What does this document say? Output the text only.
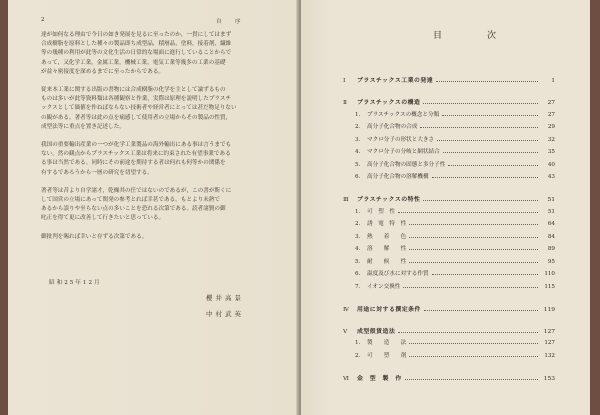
2	自　序
達が如何なる理由で今日の如き発展を見るに至ったのか，一貫にしてはまず
合成樹脂を原料とした種々の製品即ち成型品，積層品，塗料，接着剤，繊維
等の幾種の利用が此等の文化生活の日常的な場面に進行していることからで
あって，又化学工業，金属工業，機械工業，電気工業等幾多の工業の基礎
が益々密接度を深めるまでに至ったからである。
従来本工業に関する出版の書物には合成樹脂の化学を主として論ずるもの
ものは多いが此等資料類は各種観察と作業，実際は原理を説明したプラスチ
ックスとして価値を作ねばならない技術者や経営者にとっては甚だ物足りない
の観がある。著者等は此の点を痛感して使用者の立場からその製品の性質，
成型法等に重点を置き記述した。
我国の重要輸出産業の一つが化学工業製品の海外輸出にある事は言うまでも
ない。然の観点からプラスチックス工業は将来に約束された有望事業である
る事は当然である。同時にその前途を期待する者は何れも何等かの関係を
有するであろうから一層の研究を切望する。
著者等は昔より自学諸才，乾燥其の任ではないのであるが，この書が斯くに
して国営の立場にあって関発の参考とれば幸甚である。もとより未熟で
あるから誤りや至らない点の多いことを恐れる次第である。読者諸賢の御
叱正を得て更に改善して行きたいと思っている。
御批判を賜れば幸いと存ずる次第である。
昭和25年12月
櫻井高景
中村武英
目　次
Ⅰ	プラスチックス工業の発達	1
Ⅱ	プラスチックスの構造	27
1.	プラスチックスの概念と分類	27
2.	高分子化合物の合成	29
3.	マクロ分子の形状と大きさ	32
4.	マクロ分子の分岐と網状結合	35
5.	高分子化合物の固態と多分子性	40
6.	高分子化合物の溶解機構	43
Ⅲ	プラスチックスの特性	51
1.	可　塑　性	51
2.	誘　電　特　性	64
3.	熱　　着　　色	84
4.	溶　　解　　性	89
5.	耐　　候　　性	95
6.	温度及び水に対する作質	110
7.	イオン交換性	115
Ⅳ	用途に対する撰定条件	119
Ⅴ	成型殻貨造法	127
1.	製　　造　　法	127
2.	可　　塑　　剤	132
Ⅵ	金　型　製　作	153
